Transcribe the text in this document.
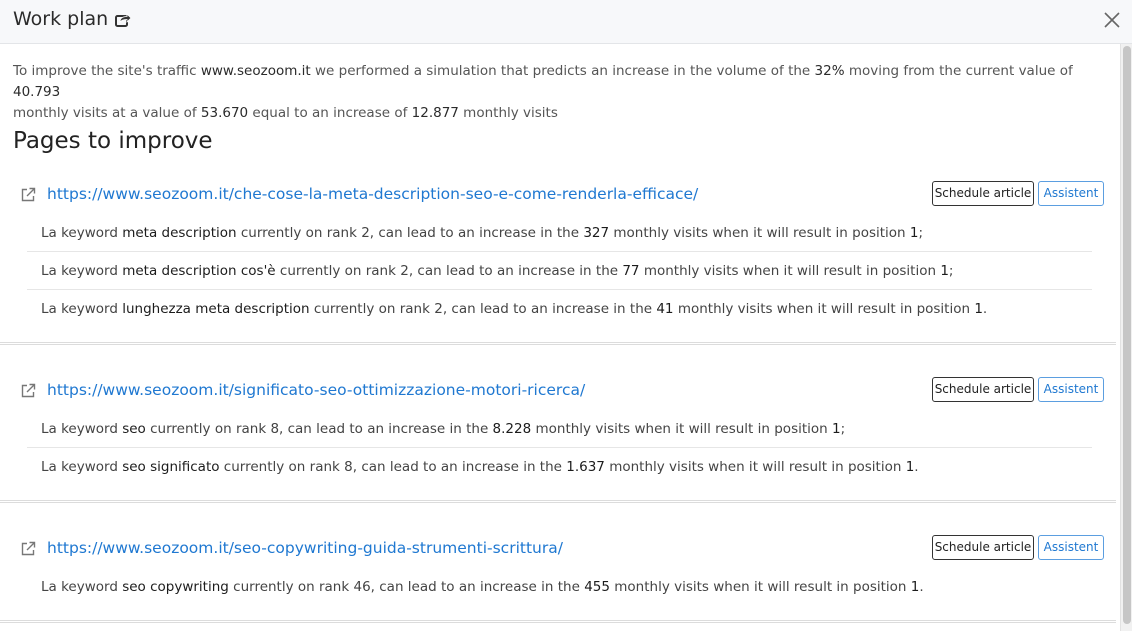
Work plan
To improve the site's traffic www.seozoom.it we performed a simulation that predicts an increase in the volume of the 32% moving from the current value of 40.793
monthly visits at a value of 53.670 equal to an increase of 12.877 monthly visits
Pages to improve
https://www.seozoom.it/che-cose-la-meta-description-seo-e-come-renderla-efficace/	Schedule article	Assistent
La keyword meta description currently on rank 2, can lead to an increase in the 327 monthly visits when it will result in position 1;
La keyword meta description cos'è currently on rank 2, can lead to an increase in the 77 monthly visits when it will result in position 1;
La keyword lunghezza meta description currently on rank 2, can lead to an increase in the 41 monthly visits when it will result in position 1.
https://www.seozoom.it/significato-seo-ottimizzazione-motori-ricerca/	Schedule article	Assistent
La keyword seo currently on rank 8, can lead to an increase in the 8.228 monthly visits when it will result in position 1;
La keyword seo significato currently on rank 8, can lead to an increase in the 1.637 monthly visits when it will result in position 1.
https://www.seozoom.it/seo-copywriting-guida-strumenti-scrittura/	Schedule article	Assistent
La keyword seo copywriting currently on rank 46, can lead to an increase in the 455 monthly visits when it will result in position 1.
